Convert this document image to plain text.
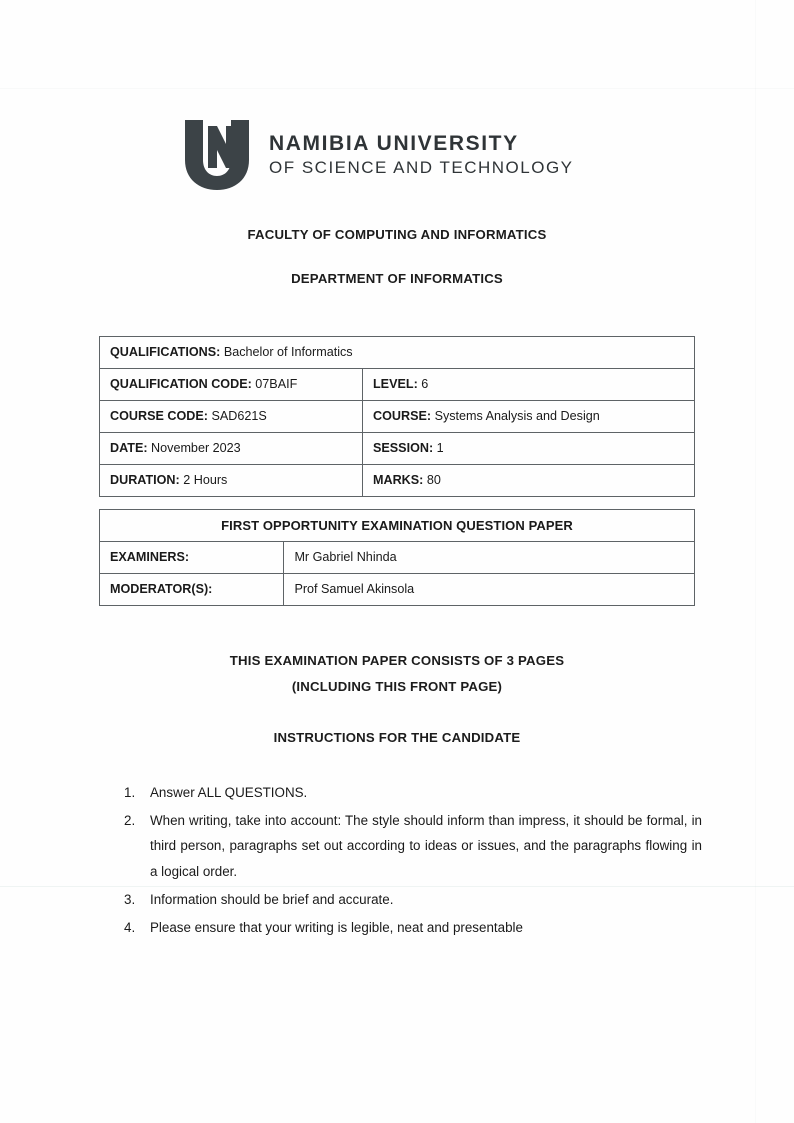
NAMIBIA UNIVERSITY
OF SCIENCE AND TECHNOLOGY
FACULTY OF COMPUTING AND INFORMATICS
DEPARTMENT OF INFORMATICS
QUALIFICATIONS: Bachelor of Informatics	
QUALIFICATION CODE: 07BAIF	LEVEL: 6
COURSE CODE: SAD621S	COURSE: Systems Analysis and Design
DATE: November 2023	SESSION: 1
DURATION: 2 Hours	MARKS: 80
FIRST OPPORTUNITY EXAMINATION QUESTION PAPER	
EXAMINERS:	Mr Gabriel Nhinda
MODERATOR(S):	Prof Samuel Akinsola
THIS EXAMINATION PAPER CONSISTS OF 3 PAGES
(INCLUDING THIS FRONT PAGE)
INSTRUCTIONS FOR THE CANDIDATE
1. Answer ALL QUESTIONS.
2. When writing, take into account: The style should inform than impress, it should be formal, in third person, paragraphs set out according to ideas or issues, and the paragraphs flowing in a logical order.
3. Information should be brief and accurate.
4. Please ensure that your writing is legible, neat and presentable
